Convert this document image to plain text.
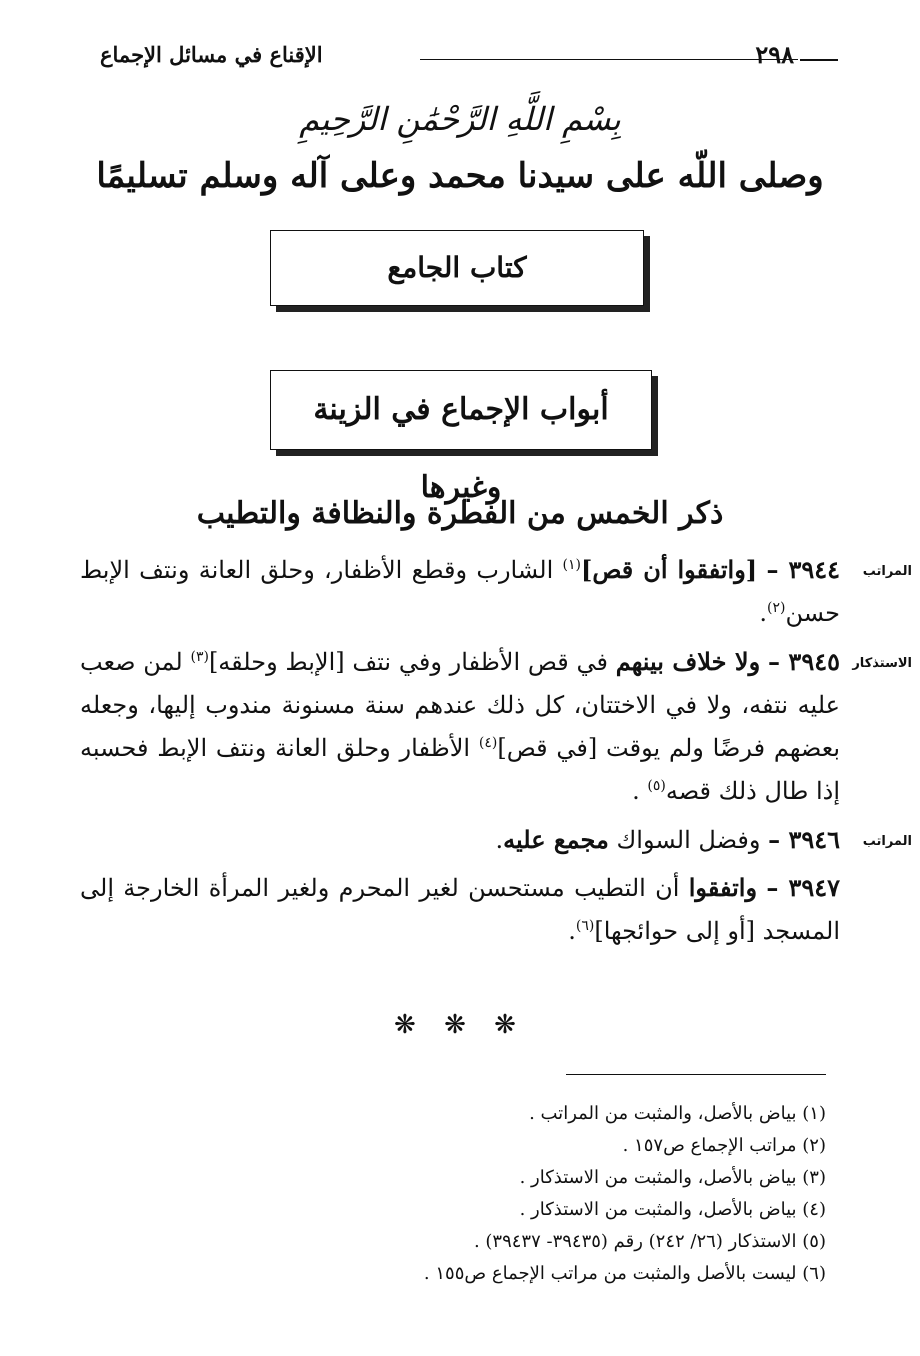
الإقناع في مسائل الإجماع	٢٩٨
بِسْمِ اللَّهِ الرَّحْمَٰنِ الرَّحِيمِ
وصلى اللّه على سيدنا محمد وعلى آله وسلم تسليمًا
كتاب الجامع
أبواب الإجماع في الزينة وغيرها
ذكر الخمس من الفطرة والنظافة والتطيب
المراتب

٣٩٤٤ – [واتفقوا أن قص]$^{(١)}$ الشارب وقطع الأظفار، وحلق العانة ونتف الإبط حسن$^{(٢)}$.

الاستذكار

٣٩٤٥ – ولا خلاف بينهم في قص الأظفار وفي نتف [الإبط وحلقه]$^{(٣)}$ لمن صعب عليه نتفه، ولا في الاختتان، كل ذلك عندهم سنة مسنونة مندوب إليها، وجعله بعضهم فرضًا ولم يوقت [في قص]$^{(٤)}$ الأظفار وحلق العانة ونتف الإبط فحسبه إذا طال ذلك قصه$^{(٥)}$ .

المراتب

٣٩٤٦ – وفضل السواك مجمع عليه.

٣٩٤٧ – واتفقوا أن التطيب مستحسن لغير المحرم ولغير المرأة الخارجة إلى المسجد [أو إلى حوائجها]$^{(٦)}$.

❋ ❋ ❋
(١) بياض بالأصل، والمثبت من المراتب .
(٢) مراتب الإجماع ص١٥٧ .
(٣) بياض بالأصل، والمثبت من الاستذكار .
(٤) بياض بالأصل، والمثبت من الاستذكار .
(٥) الاستذكار (٢٦/ ٢٤٢) رقم (٣٩٤٣٥- ٣٩٤٣٧) .
(٦) ليست بالأصل والمثبت من مراتب الإجماع ص١٥٥ .
